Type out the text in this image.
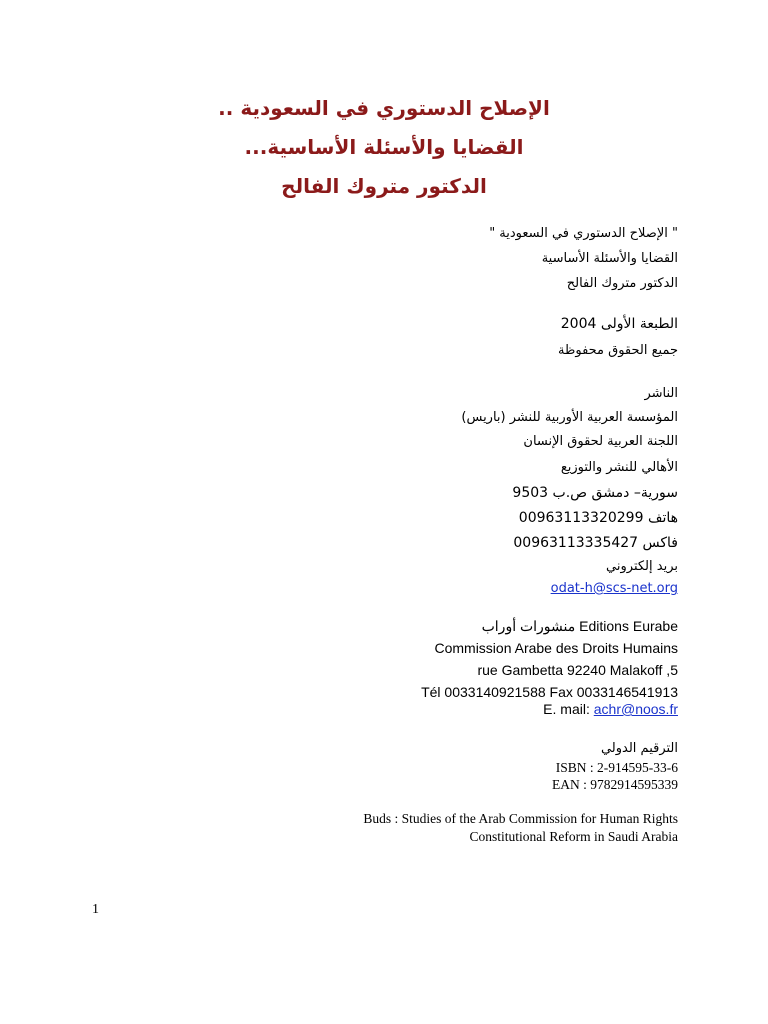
الإصلاح الدستوري في السعودية ..
القضايا والأسئلة الأساسية...
الدكتور متروك الفالح
" الإصلاح الدستوري في السعودية "
القضايا والأسئلة الأساسية
الدكتور متروك الفالح
الطبعة الأولى 2004
جميع الحقوق محفوظة
الناشر
المؤسسة العربية الأوربية للنشر (باريس)
اللجنة العربية لحقوق الإنسان
الأهالي للنشر والتوزيع
سورية– دمشق ص.ب 9503
هاتف 00963113320299
فاكس 00963113335427
بريد إلكتروني
odat-h@scs-net.org
منشورات أوراب Editions Eurabe
Commission Arabe des Droits Humains
5, rue Gambetta 92240 Malakoff
Tél 0033140921588 Fax 0033146541913
E. mail: achr@noos.fr
الترقيم الدولي
ISBN : 2-914595-33-6
EAN : 9782914595339
Buds : Studies of the Arab Commission for Human Rights
Constitutional Reform in Saudi Arabia
1
